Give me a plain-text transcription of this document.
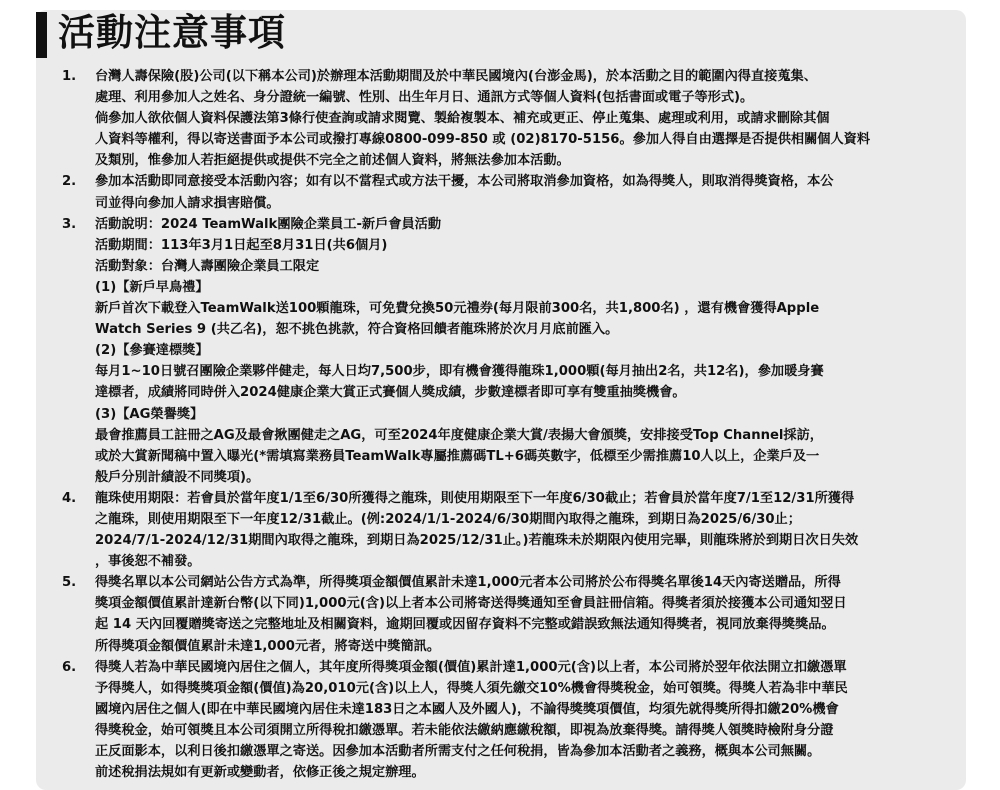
活動注意事項
1. 台灣人壽保險(股)公司(以下稱本公司)於辦理本活動期間及於中華民國境內(台澎金馬)，於本活動之目的範圍內得直接蒐集、
處理、利用參加人之姓名、身分證統一編號、性別、出生年月日、通訊方式等個人資料(包括書面或電子等形式)。
倘參加人欲依個人資料保護法第3條行使查詢或請求閱覽、製給複製本、補充或更正、停止蒐集、處理或利用，或請求刪除其個
人資料等權利，得以寄送書面予本公司或撥打專線0800-099-850 或 (02)8170-5156。參加人得自由選擇是否提供相關個人資料
及類別，惟參加人若拒絕提供或提供不完全之前述個人資料，將無法參加本活動。
2. 參加本活動即同意接受本活動內容；如有以不當程式或方法干擾，本公司將取消參加資格，如為得獎人，則取消得獎資格，本公
司並得向參加人請求損害賠償。
3. 活動說明：2024 TeamWalk團險企業員工-新戶會員活動
活動期間：113年3月1日起至8月31日(共6個月)
活動對象：台灣人壽團險企業員工限定
(1)【新戶早鳥禮】
新戶首次下載登入TeamWalk送100顆龍珠，可免費兌換50元禮券(每月限前300名，共1,800名) ，還有機會獲得Apple
Watch Series 9 (共乙名)，恕不挑色挑款，符合資格回饋者龍珠將於次月月底前匯入。
(2)【參賽達標獎】
每月1~10日號召團險企業夥伴健走，每人日均7,500步，即有機會獲得龍珠1,000顆(每月抽出2名，共12名)，參加暖身賽
達標者，成績將同時併入2024健康企業大賞正式賽個人獎成績，步數達標者即可享有雙重抽獎機會。
(3)【AG榮譽獎】
最會推薦員工註冊之AG及最會揪團健走之AG，可至2024年度健康企業大賞/表揚大會頒獎，安排接受Top Channel採訪，
或於大賞新聞稿中置入曝光(*需填寫業務員TeamWalk專屬推薦碼TL+6碼英數字，低標至少需推薦10人以上，企業戶及一
般戶分別計績設不同獎項)。
4. 龍珠使用期限：若會員於當年度1/1至6/30所獲得之龍珠，則使用期限至下一年度6/30截止；若會員於當年度7/1至12/31所獲得
之龍珠，則使用期限至下一年度12/31截止。(例:2024/1/1-2024/6/30期間內取得之龍珠，到期日為2025/6/30止；
2024/7/1-2024/12/31期間內取得之龍珠，到期日為2025/12/31止。)若龍珠未於期限內使用完畢，則龍珠將於到期日次日失效
，事後恕不補發。
5. 得獎名單以本公司網站公告方式為準，所得獎項金額價值累計未達1,000元者本公司將於公布得獎名單後14天內寄送贈品，所得
獎項金額價值累計達新台幣(以下同)1,000元(含)以上者本公司將寄送得獎通知至會員註冊信箱。得獎者須於接獲本公司通知翌日
起 14 天內回覆贈獎寄送之完整地址及相關資料，逾期回覆或因留存資料不完整或錯誤致無法通知得獎者，視同放棄得獎獎品。
所得獎項金額價值累計未達1,000元者，將寄送中獎簡訊。
6. 得獎人若為中華民國境內居住之個人，其年度所得獎項金額(價值)累計達1,000元(含)以上者，本公司將於翌年依法開立扣繳憑單
予得獎人，如得獎獎項金額(價值)為20,010元(含)以上人，得獎人須先繳交10%機會得獎稅金，始可領獎。得獎人若為非中華民
國境內居住之個人(即在中華民國境內居住未達183日之本國人及外國人)，不論得獎獎項價值，均須先就得獎所得扣繳20%機會
得獎稅金，始可領獎且本公司須開立所得稅扣繳憑單。若未能依法繳納應繳稅額，即視為放棄得獎。請得獎人領獎時檢附身分證
正反面影本，以利日後扣繳憑單之寄送。因參加本活動者所需支付之任何稅捐，皆為參加本活動者之義務，概與本公司無關。
前述稅捐法規如有更新或變動者，依修正後之規定辦理。
